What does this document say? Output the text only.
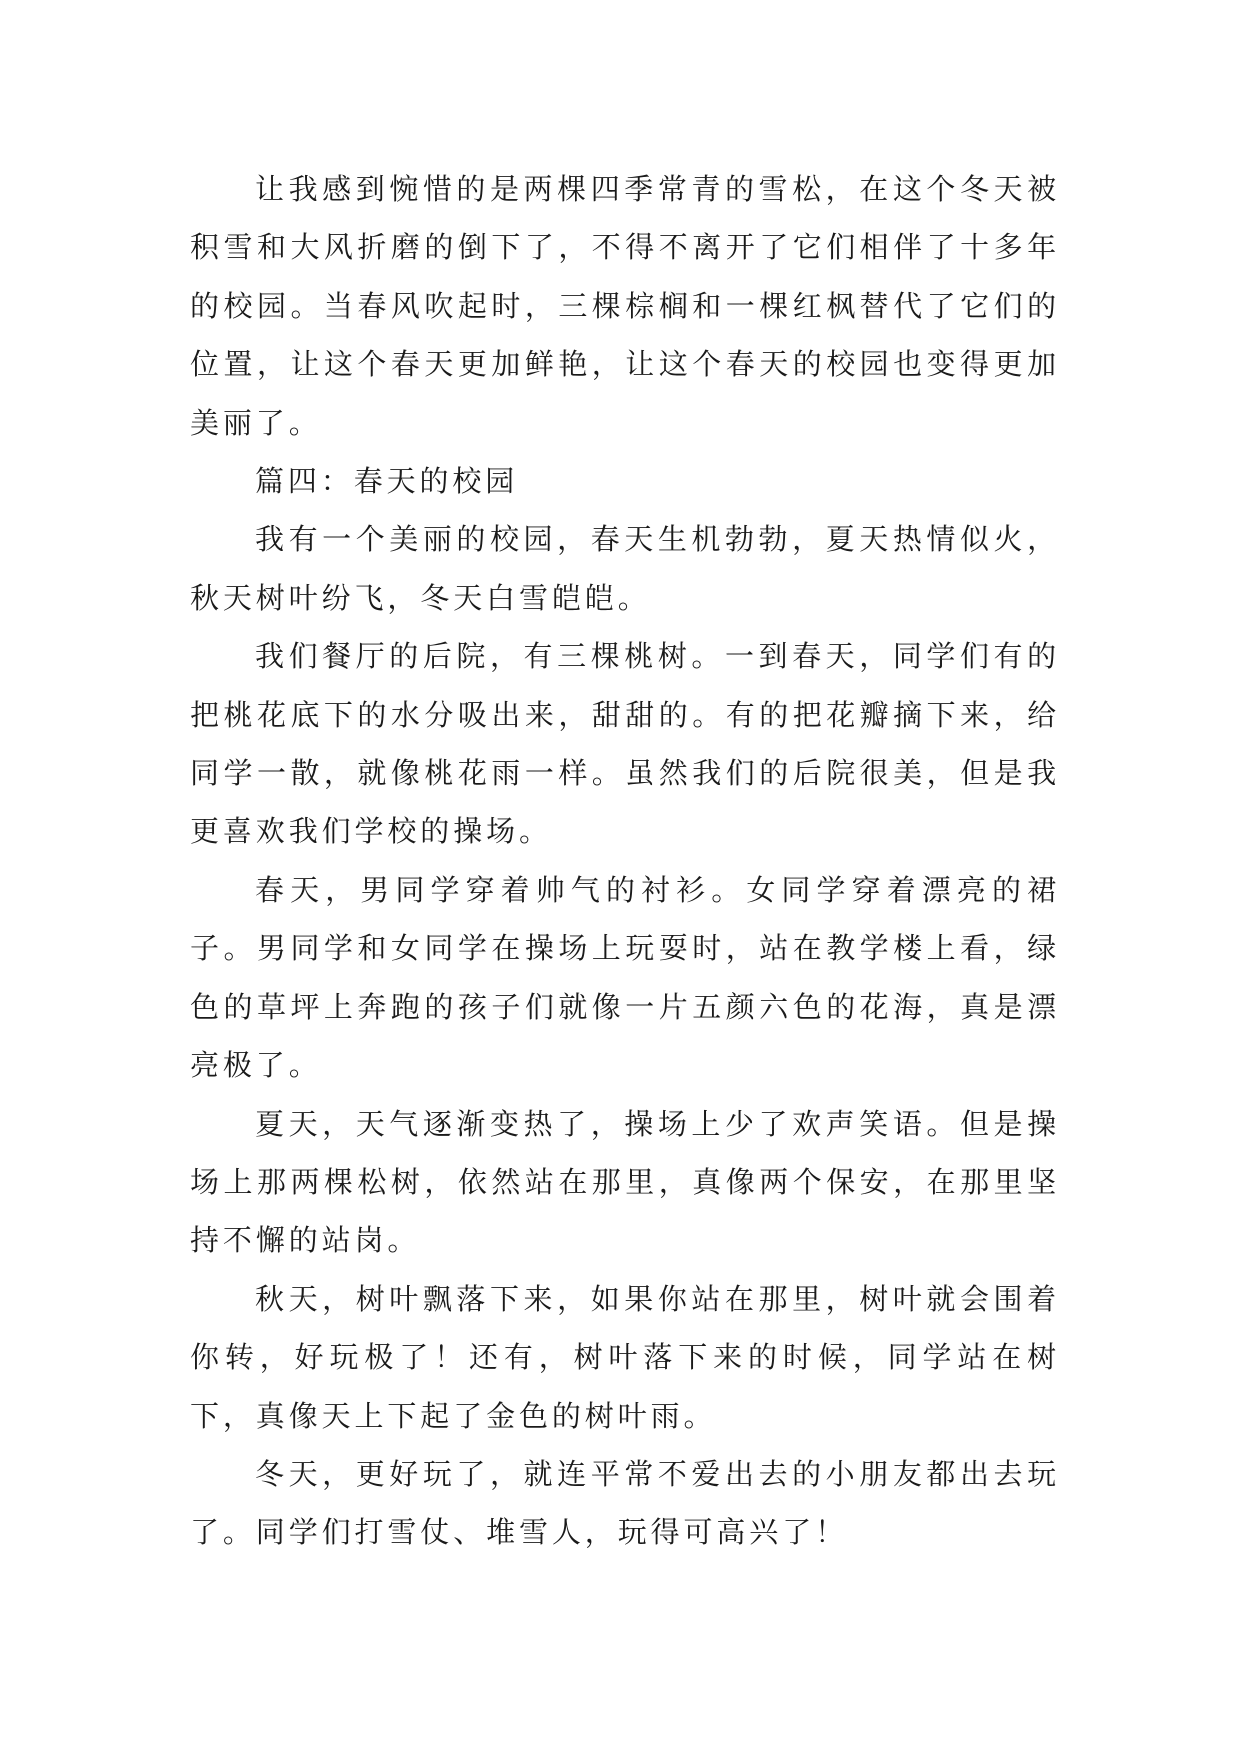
让我感到惋惜的是两棵四季常青的雪松，在这个冬天被积雪和大风折磨的倒下了，不得不离开了它们相伴了十多年的校园。当春风吹起时，三棵棕榈和一棵红枫替代了它们的位置，让这个春天更加鲜艳，让这个春天的校园也变得更加美丽了。

篇四：春天的校园

我有一个美丽的校园，春天生机勃勃，夏天热情似火，秋天树叶纷飞，冬天白雪皑皑。

我们餐厅的后院，有三棵桃树。一到春天，同学们有的把桃花底下的水分吸出来，甜甜的。有的把花瓣摘下来，给同学一散，就像桃花雨一样。虽然我们的后院很美，但是我更喜欢我们学校的操场。

春天，男同学穿着帅气的衬衫。女同学穿着漂亮的裙子。男同学和女同学在操场上玩耍时，站在教学楼上看，绿色的草坪上奔跑的孩子们就像一片五颜六色的花海，真是漂亮极了。

夏天，天气逐渐变热了，操场上少了欢声笑语。但是操场上那两棵松树，依然站在那里，真像两个保安，在那里坚持不懈的站岗。

秋天，树叶飘落下来，如果你站在那里，树叶就会围着你转，好玩极了！还有，树叶落下来的时候，同学站在树下，真像天上下起了金色的树叶雨。

冬天，更好玩了，就连平常不爱出去的小朋友都出去玩了。同学们打雪仗、堆雪人，玩得可高兴了！
